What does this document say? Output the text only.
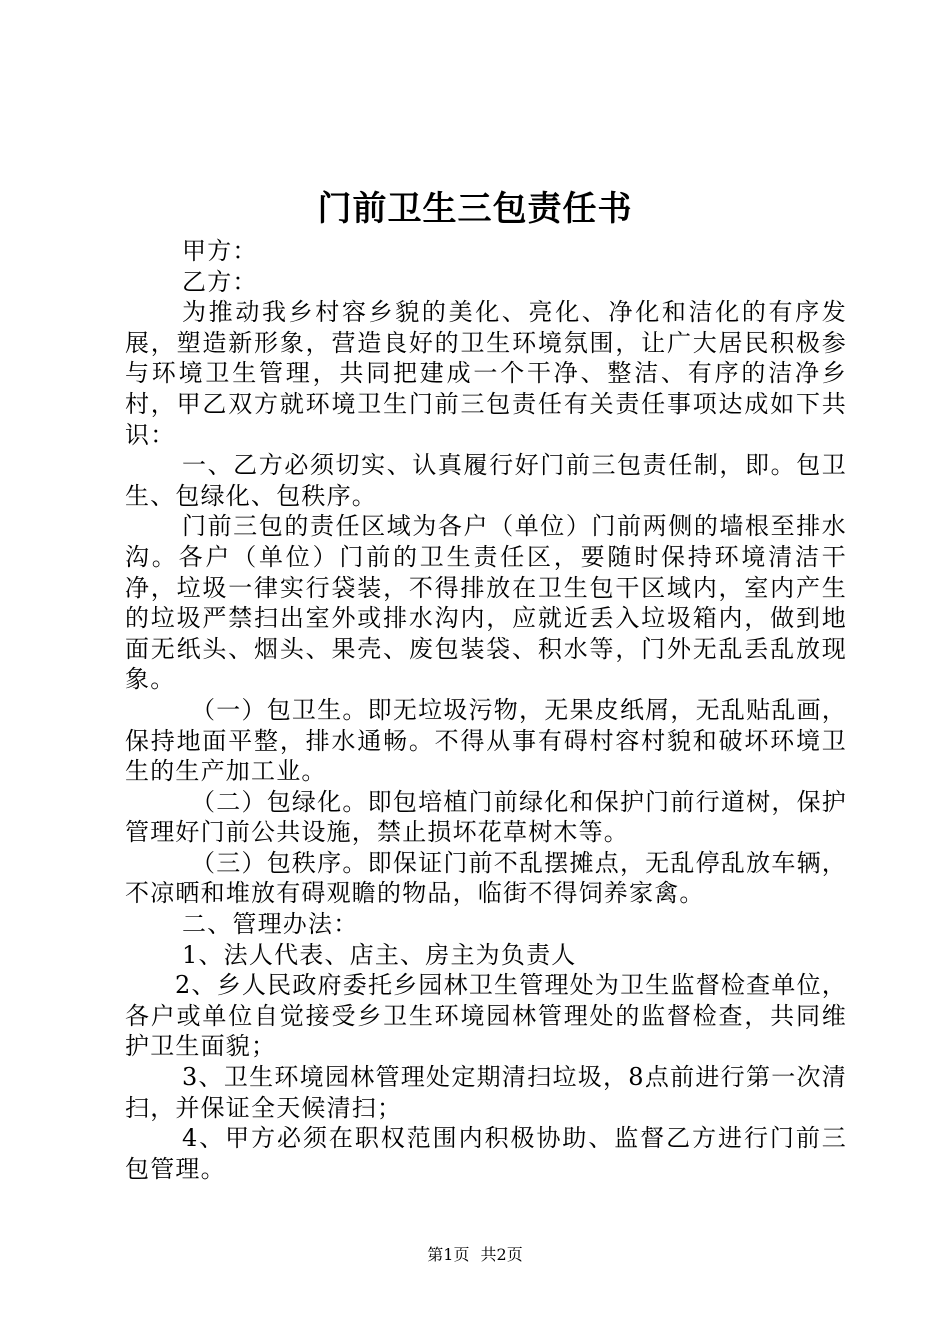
门前卫生三包责任书

甲方：

乙方：

为推动我乡村容乡貌的美化、亮化、净化和洁化的有序发展，塑造新形象，营造良好的卫生环境氛围，让广大居民积极参与环境卫生管理，共同把建成一个干净、整洁、有序的洁净乡村，甲乙双方就环境卫生门前三包责任有关责任事项达成如下共识：

一、乙方必须切实、认真履行好门前三包责任制，即。包卫生、包绿化、包秩序。

门前三包的责任区域为各户（单位）门前两侧的墙根至排水沟。各户（单位）门前的卫生责任区，要随时保持环境清洁干净，垃圾一律实行袋装，不得排放在卫生包干区域内，室内产生的垃圾严禁扫出室外或排水沟内，应就近丢入垃圾箱内，做到地面无纸头、烟头、果壳、废包装袋、积水等，门外无乱丢乱放现象。

（一）包卫生。即无垃圾污物，无果皮纸屑，无乱贴乱画，保持地面平整，排水通畅。不得从事有碍村容村貌和破坏环境卫生的生产加工业。

（二）包绿化。即包培植门前绿化和保护门前行道树，保护管理好门前公共设施，禁止损坏花草树木等。

（三）包秩序。即保证门前不乱摆摊点，无乱停乱放车辆，不凉晒和堆放有碍观瞻的物品，临街不得饲养家禽。

二、管理办法：

1、法人代表、店主、房主为负责人

2、乡人民政府委托乡园林卫生管理处为卫生监督检查单位，各户或单位自觉接受乡卫生环境园林管理处的监督检查，共同维护卫生面貌；

3、卫生环境园林管理处定期清扫垃圾，8点前进行第一次清扫，并保证全天候清扫；

4、甲方必须在职权范围内积极协助、监督乙方进行门前三包管理。

第1页 共2页
